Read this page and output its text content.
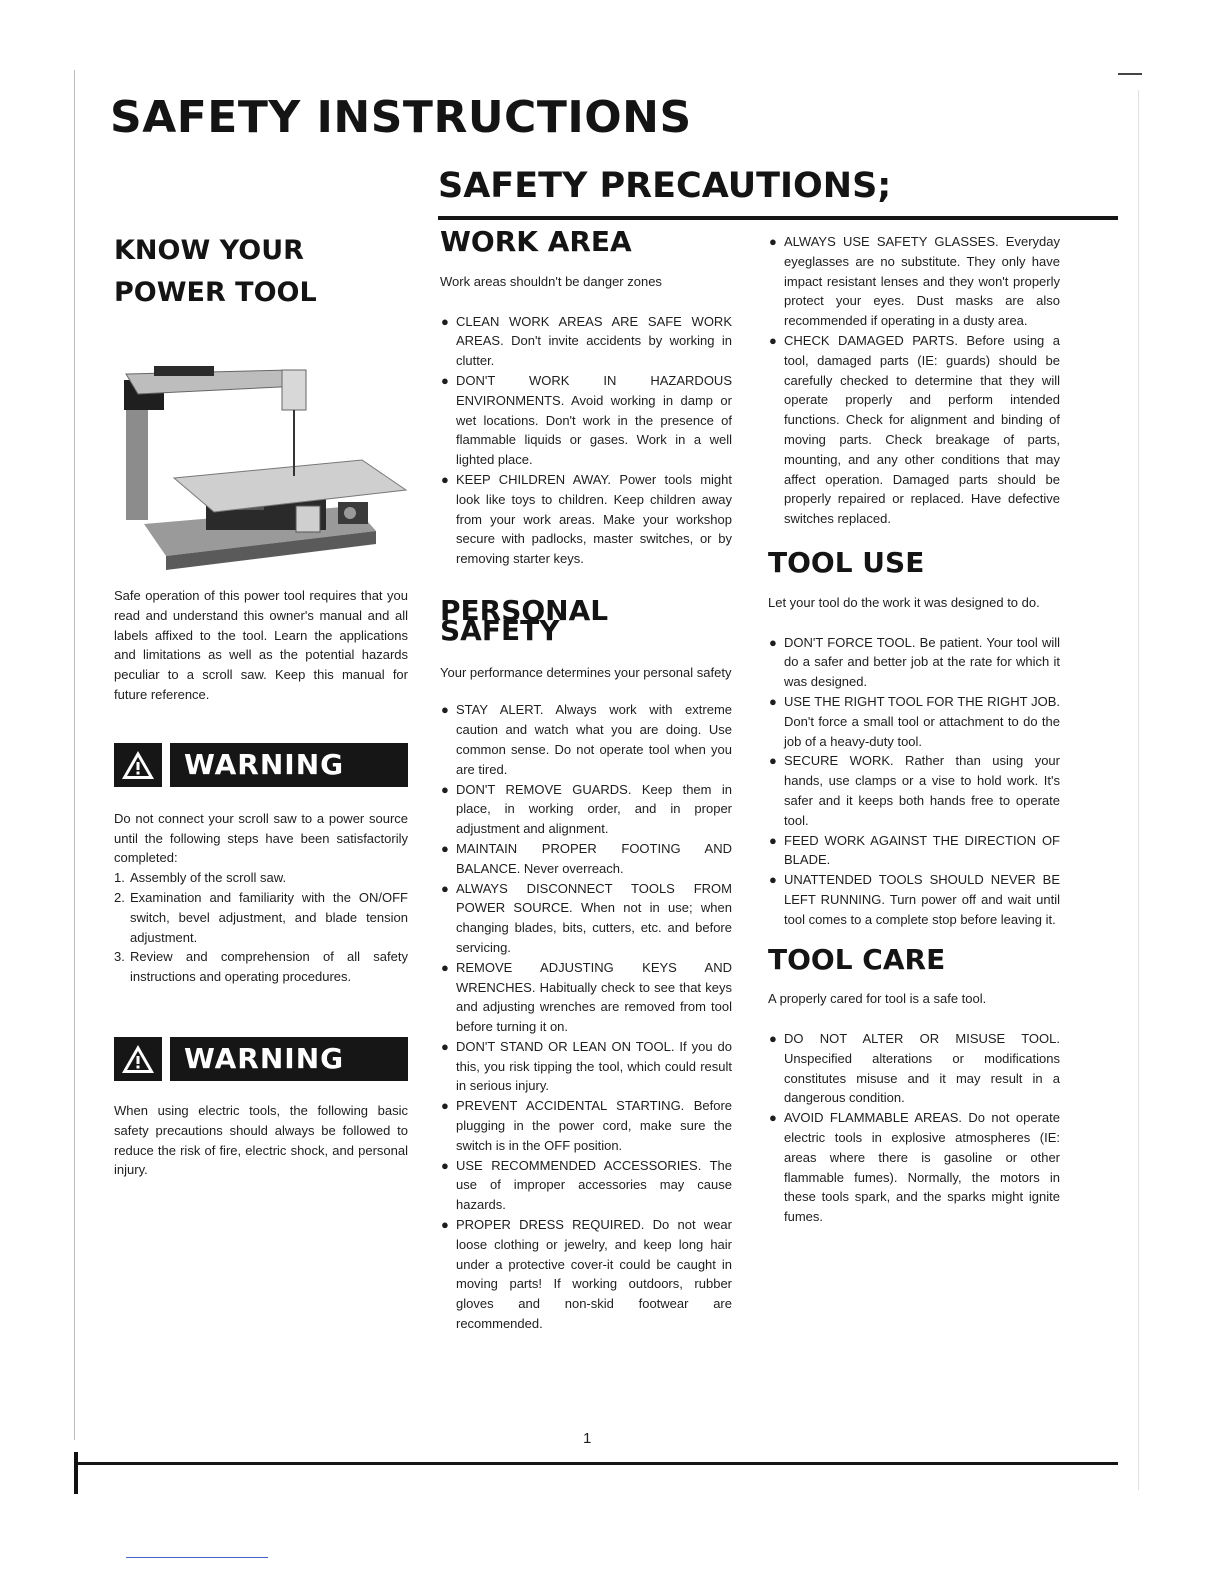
SAFETY INSTRUCTIONS
SAFETY PRECAUTIONS;
KNOW YOUR
POWER TOOL

Safe operation of this power tool requires that you read and understand this owner's manual and all labels affixed to the tool. Learn the applications and limitations as well as the potential hazards peculiar to a scroll saw. Keep this manual for future reference.

WARNING

Do not connect your scroll saw to a power source until the following steps have been satisfactorily completed:

1. Assembly of the scroll saw.
2. Examination and familiarity with the ON/OFF switch, bevel adjustment, and blade tension adjustment.
3. Review and comprehension of all safety instructions and operating procedures.
WARNING

When using electric tools, the following basic safety precautions should always be followed to reduce the risk of fire, electric shock, and personal injury.

WORK AREA

Work areas shouldn't be danger zones

● CLEAN WORK AREAS ARE SAFE WORK AREAS. Don't invite accidents by working in clutter.
● DON'T WORK IN HAZARDOUS ENVIRONMENTS. Avoid working in damp or wet locations. Don't work in the presence of flammable liquids or gases. Work in a well lighted place.
● KEEP CHILDREN AWAY. Power tools might look like toys to children. Keep children away from your work areas. Make your workshop secure with padlocks, master switches, or by removing starter keys.
PERSONAL SAFETY

Your performance determines your personal safety

● STAY ALERT. Always work with extreme caution and watch what you are doing. Use common sense. Do not operate tool when you are tired.
● DON'T REMOVE GUARDS. Keep them in place, in working order, and in proper adjustment and alignment.
● MAINTAIN PROPER FOOTING AND BALANCE. Never overreach.
● ALWAYS DISCONNECT TOOLS FROM POWER SOURCE. When not in use; when changing blades, bits, cutters, etc. and before servicing.
● REMOVE ADJUSTING KEYS AND WRENCHES. Habitually check to see that keys and adjusting wrenches are removed from tool before turning it on.
● DON'T STAND OR LEAN ON TOOL. If you do this, you risk tipping the tool, which could result in serious injury.
● PREVENT ACCIDENTAL STARTING. Before plugging in the power cord, make sure the switch is in the OFF position.
● USE RECOMMENDED ACCESSORIES. The use of improper accessories may cause hazards.
● PROPER DRESS REQUIRED. Do not wear loose clothing or jewelry, and keep long hair under a protective cover-it could be caught in moving parts! If working outdoors, rubber gloves and non-skid footwear are recommended.
● ALWAYS USE SAFETY GLASSES. Everyday eyeglasses are no substitute. They only have impact resistant lenses and they won't properly protect your eyes. Dust masks are also recommended if operating in a dusty area.
● CHECK DAMAGED PARTS. Before using a tool, damaged parts (IE: guards) should be carefully checked to determine that they will operate properly and perform intended functions. Check for alignment and binding of moving parts. Check breakage of parts, mounting, and any other conditions that may affect operation. Damaged parts should be properly repaired or replaced. Have defective switches replaced.
TOOL USE

Let your tool do the work it was designed to do.

● DON'T FORCE TOOL. Be patient. Your tool will do a safer and better job at the rate for which it was designed.
● USE THE RIGHT TOOL FOR THE RIGHT JOB. Don't force a small tool or attachment to do the job of a heavy-duty tool.
● SECURE WORK. Rather than using your hands, use clamps or a vise to hold work. It's safer and it keeps both hands free to operate tool.
● FEED WORK AGAINST THE DIRECTION OF BLADE.
● UNATTENDED TOOLS SHOULD NEVER BE LEFT RUNNING. Turn power off and wait until tool comes to a complete stop before leaving it.
TOOL CARE

A properly cared for tool is a safe tool.

● DO NOT ALTER OR MISUSE TOOL. Unspecified alterations or modifications constitutes misuse and it may result in a dangerous condition.
● AVOID FLAMMABLE AREAS. Do not operate electric tools in explosive atmospheres (IE: areas where there is gasoline or other flammable fumes). Normally, the motors in these tools spark, and the sparks might ignite fumes.
1
